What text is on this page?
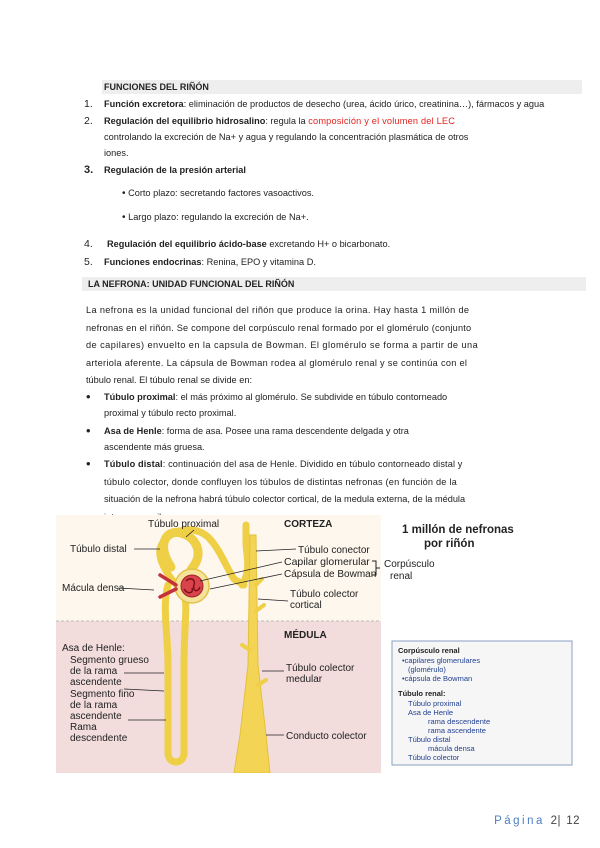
FUNCIONES DEL RIÑÓN
1. Función excretora: eliminación de productos de desecho (urea, ácido úrico, creatinina…), fármacos y agua
2. Regulación del equilibrio hidrosalino: regula la composición y el volumen del LEC
controlando la excreción de Na+ y agua y regulando la concentración plasmática de otros
iones.
3. Regulación de la presión arterial
• Corto plazo: secretando factores vasoactivos.
• Largo plazo: regulando la excreción de Na+.
4. Regulación del equilibrio ácido-base excretando H+ o bicarbonato.
5. Funciones endocrinas: Renina, EPO y vitamina D.
LA NEFRONA: UNIDAD FUNCIONAL DEL RIÑÓN
La nefrona es la unidad funcional del riñón que produce la orina. Hay hasta 1 millón de
nefronas en el riñón. Se compone del corpúsculo renal formado por el glomérulo (conjunto
de capilares) envuelto en la capsula de Bowman. El glomérulo se forma a partir de una
arteriola aferente. La cápsula de Bowman rodea al glomérulo renal y se continúa con el
túbulo renal. El túbulo renal se divide en:
• Túbulo proximal: el más próximo al glomérulo. Se subdivide en túbulo contorneado
proximal y túbulo recto proximal.
• Asa de Henle: forma de asa. Posee una rama descendente delgada y otra
ascendente más gruesa.
• Túbulo distal: continuación del asa de Henle. Dividido en túbulo contorneado distal y
túbulo colector, donde confluyen los túbulos de distintas nefronas (en función de la
situación de la nefrona habrá túbulo colector cortical, de la medula externa, de la médula
CORTEZA
MÉDULA
1 millón de nefronas
por riñón
Túbulo proximal
Túbulo distal
Mácula densa
Túbulo conector
Capilar glomerular
Cápsula de Bowman
Corpúsculo
renal
Túbulo colector
cortical
Asa de Henle:
Segmento grueso
de la rama
ascendente
Segmento fino
de la rama
ascendente
Rama
descendente
Túbulo colector
medular
Conducto colector
Corpúsculo renal
•capilares glomerulares
(glomérulo)
•cápsula de Bowman
Túbulo renal:
Túbulo proximal
Asa de Henle
rama descendente
rama ascendente
Túbulo distal
mácula densa
Túbulo colector
Página 2| 12
